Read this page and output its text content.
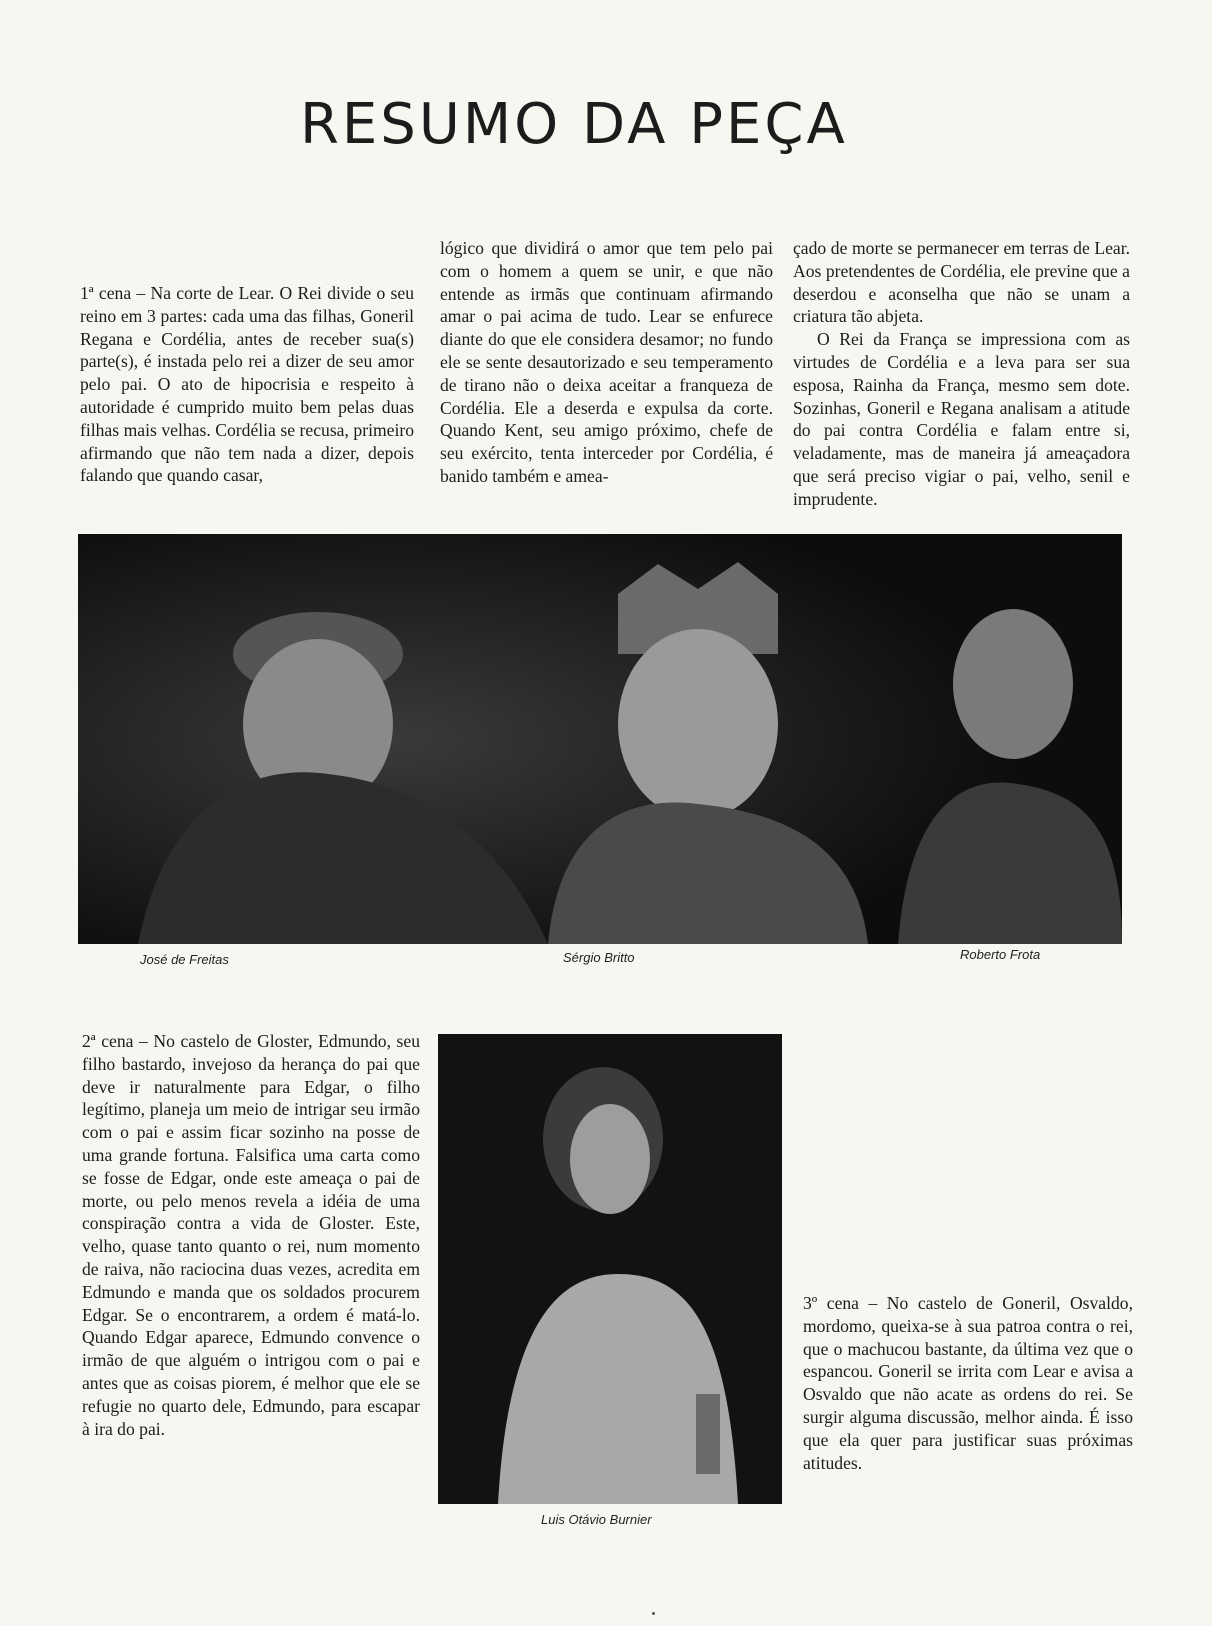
RESUMO DA PEÇA

1ª cena – Na corte de Lear. O Rei divide o seu reino em 3 partes: cada uma das filhas, Goneril Regana e Cordélia, antes de receber sua(s) parte(s), é instada pelo rei a dizer de seu amor pelo pai. O ato de hipocrisia e respeito à autoridade é cumprido muito bem pelas duas filhas mais velhas. Cordélia se recusa, primeiro afirmando que não tem nada a dizer, depois falando que quando casar,

lógico que dividirá o amor que tem pelo pai com o homem a quem se unir, e que não entende as irmãs que continuam afirmando amar o pai acima de tudo. Lear se enfurece diante do que ele considera desamor; no fundo ele se sente desautorizado e seu temperamento de tirano não o deixa aceitar a franqueza de Cordélia. Ele a deserda e expulsa da corte. Quando Kent, seu amigo próximo, chefe de seu exército, tenta interceder por Cordélia, é banido também e amea-

çado de morte se permanecer em terras de Lear. Aos pretendentes de Cordélia, ele previne que a deserdou e aconselha que não se unam a criatura tão abjeta.

O Rei da França se impressiona com as virtudes de Cordélia e a leva para ser sua esposa, Rainha da França, mesmo sem dote. Sozinhas, Goneril e Regana analisam a atitude do pai contra Cordélia e falam entre si, veladamente, mas de maneira já ameaçadora que será preciso vigiar o pai, velho, senil e imprudente.

José de Freitas	Sérgio Britto	Roberto Frota

2ª cena – No castelo de Gloster, Edmundo, seu filho bastardo, invejoso da herança do pai que deve ir naturalmente para Edgar, o filho legítimo, planeja um meio de intrigar seu irmão com o pai e assim ficar sozinho na posse de uma grande fortuna. Falsifica uma carta como se fosse de Edgar, onde este ameaça o pai de morte, ou pelo menos revela a idéia de uma conspiração contra a vida de Gloster. Este, velho, quase tanto quanto o rei, num momento de raiva, não raciocina duas vezes, acredita em Edmundo e manda que os soldados procurem Edgar. Se o encontrarem, a ordem é matá-lo. Quando Edgar aparece, Edmundo convence o irmão de que alguém o intrigou com o pai e antes que as coisas piorem, é melhor que ele se refugie no quarto dele, Edmundo, para escapar à ira do pai.

Luis Otávio Burnier

3º cena – No castelo de Goneril, Osvaldo, mordomo, queixa-se à sua patroa contra o rei, que o machucou bastante, da última vez que o espancou. Goneril se irrita com Lear e avisa a Osvaldo que não acate as ordens do rei. Se surgir alguma discussão, melhor ainda. É isso que ela quer para justificar suas próximas atitudes.
